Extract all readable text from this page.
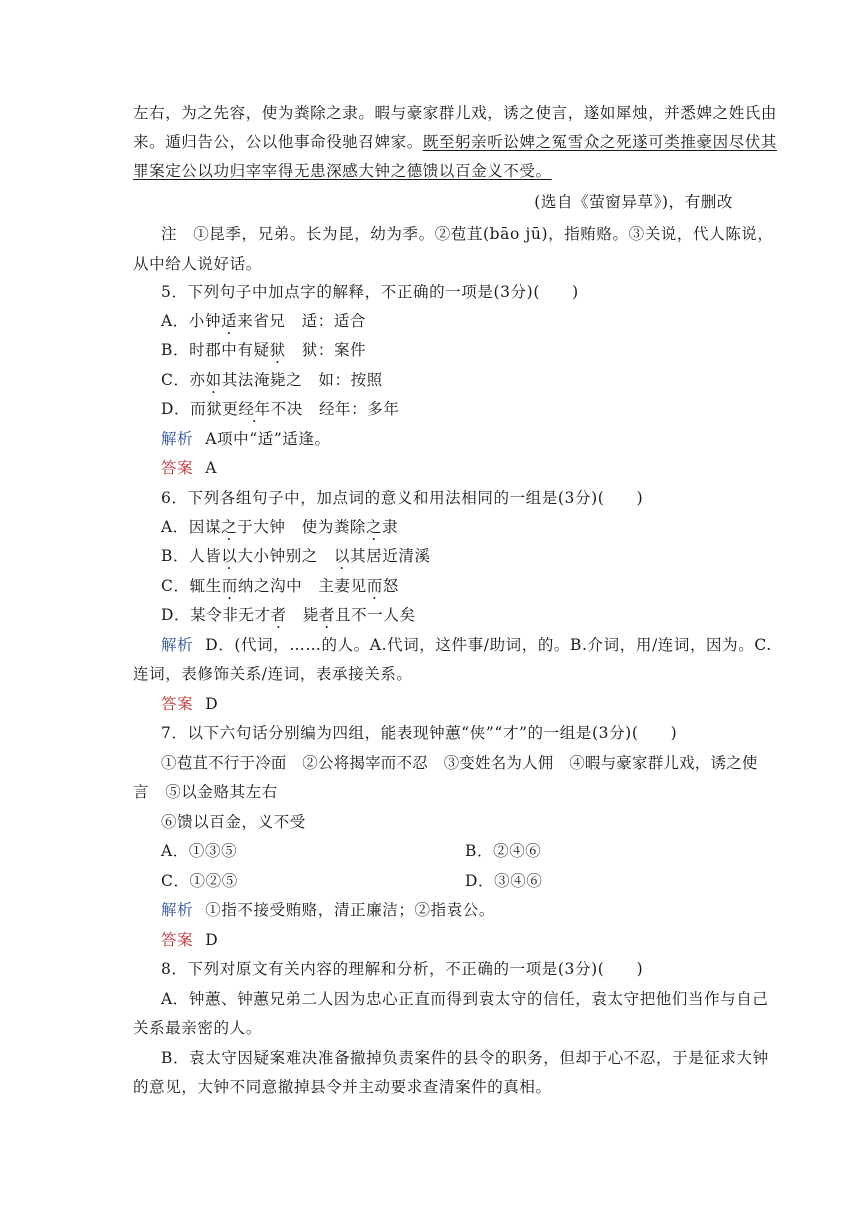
左右，为之先容，使为粪除之隶。暇与豪家群儿戏，诱之使言，遂如犀烛，并悉婢之姓氏由
来。遁归告公，公以他事命役驰召婢家。既至躬亲听讼婢之冤雪众之死遂可类推豪因尽伏其
罪案定公以功归宰宰得无患深感大钟之德馈以百金义不受。
(选自《萤窗异草》)，有删改
注　①昆季，兄弟。长为昆，幼为季。②苞苴(bāo jū)，指贿赂。③关说，代人陈说，
从中给人说好话。
5．下列句子中加点字的解释，不正确的一项是(3分)(　　)
A．小钟适来省兄　适：适合
B．时郡中有疑狱　狱：案件
C．亦如其法淹毙之　如：按照
D．而狱更经年不决　经年：多年
解析 A项中“适”适逢。
答案 A
6．下列各组句子中，加点词的意义和用法相同的一组是(3分)(　　)
A．因谋之于大钟　使为粪除之隶
B．人皆以大小钟别之　以其居近清溪
C．辄生而纳之沟中　主妻见而怒
D．某令非无才者　毙者且不一人矣
解析 D．(代词，……的人。A.代词，这件事/助词，的。B.介词，用/连词，因为。C.
连词，表修饰关系/连词，表承接关系。
答案 D
7．以下六句话分别编为四组，能表现钟蕙“侠”“才”的一组是(3分)(　　)
①苞苴不行于冷面　②公将揭宰而不忍　③变姓名为人佣　④暇与豪家群儿戏，诱之使
言　⑤以金赂其左右
⑥馈以百金，义不受
A．①③⑤	B．②④⑥
C．①②⑤	D．③④⑥
解析 ①指不接受贿赂，清正廉洁；②指袁公。
答案 D
8．下列对原文有关内容的理解和分析，不正确的一项是(3分)(　　)
A．钟蕙、钟蕙兄弟二人因为忠心正直而得到袁太守的信任，袁太守把他们当作与自己
关系最亲密的人。
B．袁太守因疑案难决准备撤掉负责案件的县令的职务，但却于心不忍，于是征求大钟
的意见，大钟不同意撤掉县令并主动要求查清案件的真相。
